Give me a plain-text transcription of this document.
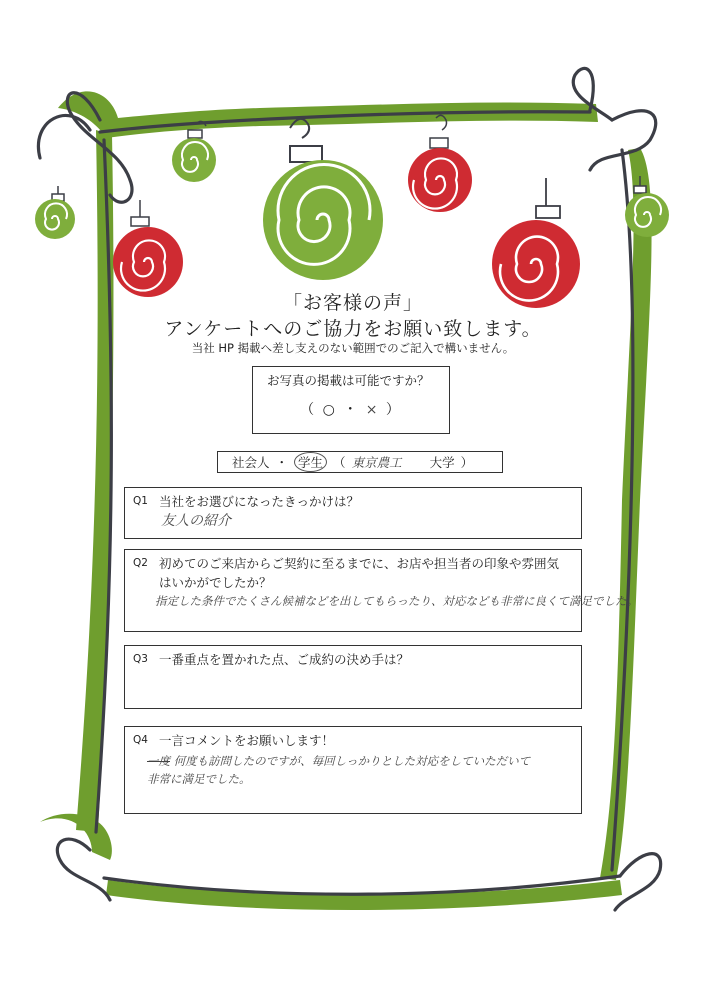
「お客様の声」
アンケートへのご協力をお願い致します。
当社 HP 掲載へ差し支えのない範囲でのご記入で構いません。
お写真の掲載は可能ですか？
（ ○ ・ × ）
社会人 ・ 学生 （ 東京農工 大学 ）
Q1 当社をお選びになったきっかけは？
友人の紹介
Q2 初めてのご来店からご契約に至るまでに、お店や担当者の印象や雰囲気はいかがでしたか？
指定した条件でたくさん候補などを出してもらったり、対応なども非常に良くて満足でした。
Q3 一番重点を置かれた点、ご成約の決め手は？
Q4 一言コメントをお願いします！
一度 何度も訪問したのですが、毎回しっかりとした対応をしていただいて
非常に満足でした。
